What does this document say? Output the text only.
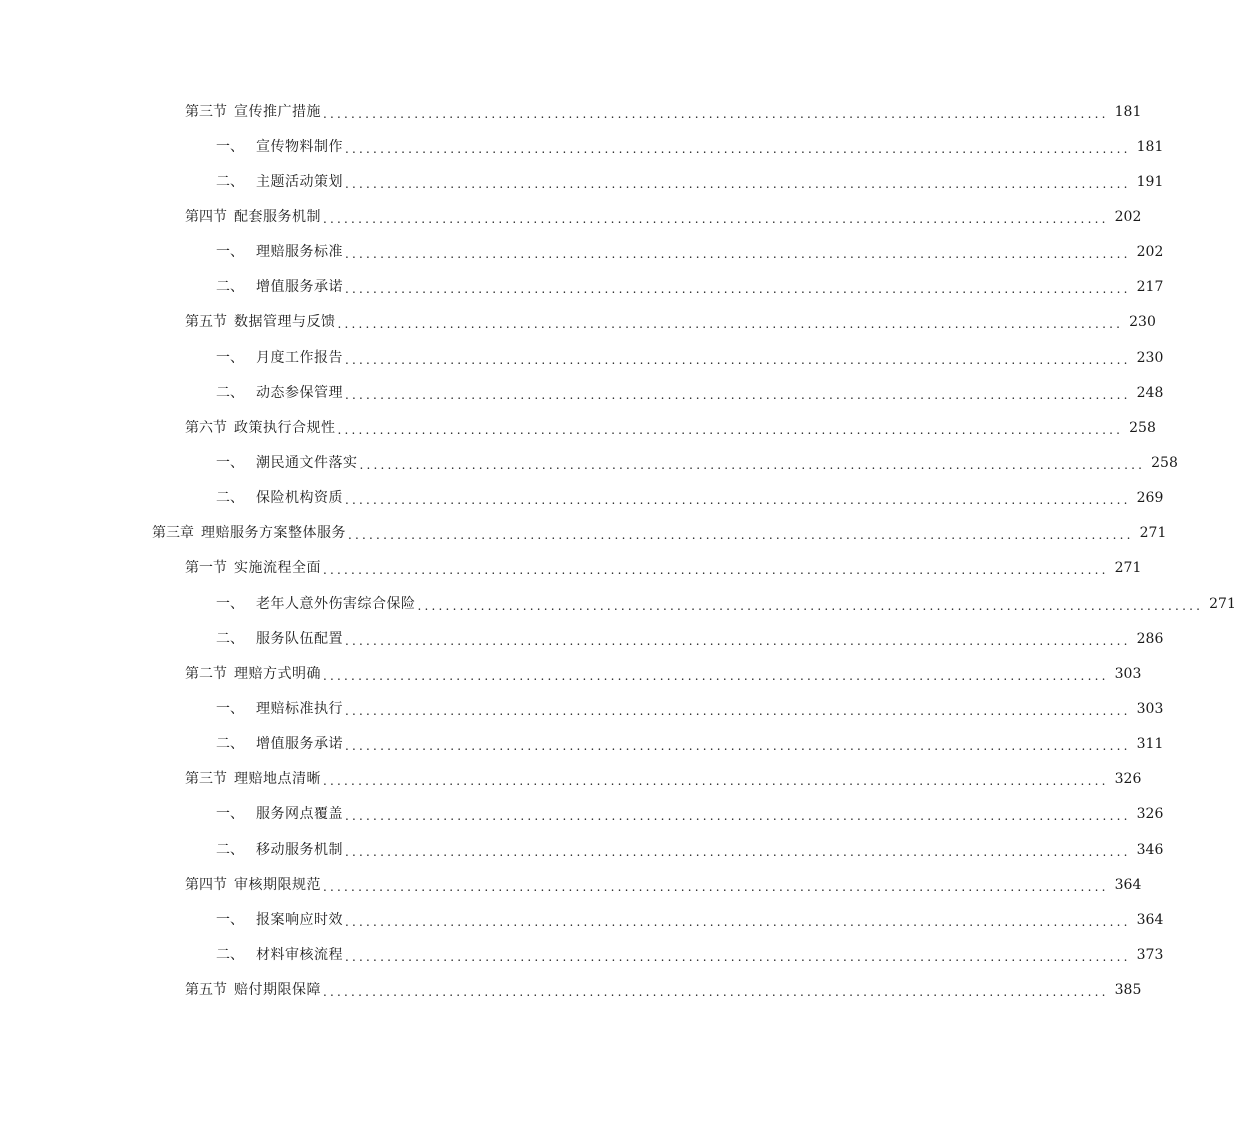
第三节 宣传推广措施 ................................................................................................................ 181
一、 宣传物料制作 ................................................................................................................ 181
二、 主题活动策划 ................................................................................................................ 191
第四节 配套服务机制 ................................................................................................................ 202
一、 理赔服务标准 ................................................................................................................ 202
二、 增值服务承诺 ................................................................................................................ 217
第五节 数据管理与反馈 ................................................................................................................ 230
一、 月度工作报告 ................................................................................................................ 230
二、 动态参保管理 ................................................................................................................ 248
第六节 政策执行合规性 ................................................................................................................ 258
一、 潮民通文件落实 ................................................................................................................ 258
二、 保险机构资质 ................................................................................................................ 269
第三章 理赔服务方案整体服务 ................................................................................................................ 271
第一节 实施流程全面 ................................................................................................................ 271
一、 老年人意外伤害综合保险 ................................................................................................................ 271
二、 服务队伍配置 ................................................................................................................ 286
第二节 理赔方式明确 ................................................................................................................ 303
一、 理赔标准执行 ................................................................................................................ 303
二、 增值服务承诺 ................................................................................................................ 311
第三节 理赔地点清晰 ................................................................................................................ 326
一、 服务网点覆盖 ................................................................................................................ 326
二、 移动服务机制 ................................................................................................................ 346
第四节 审核期限规范 ................................................................................................................ 364
一、 报案响应时效 ................................................................................................................ 364
二、 材料审核流程 ................................................................................................................ 373
第五节 赔付期限保障 ................................................................................................................ 385
